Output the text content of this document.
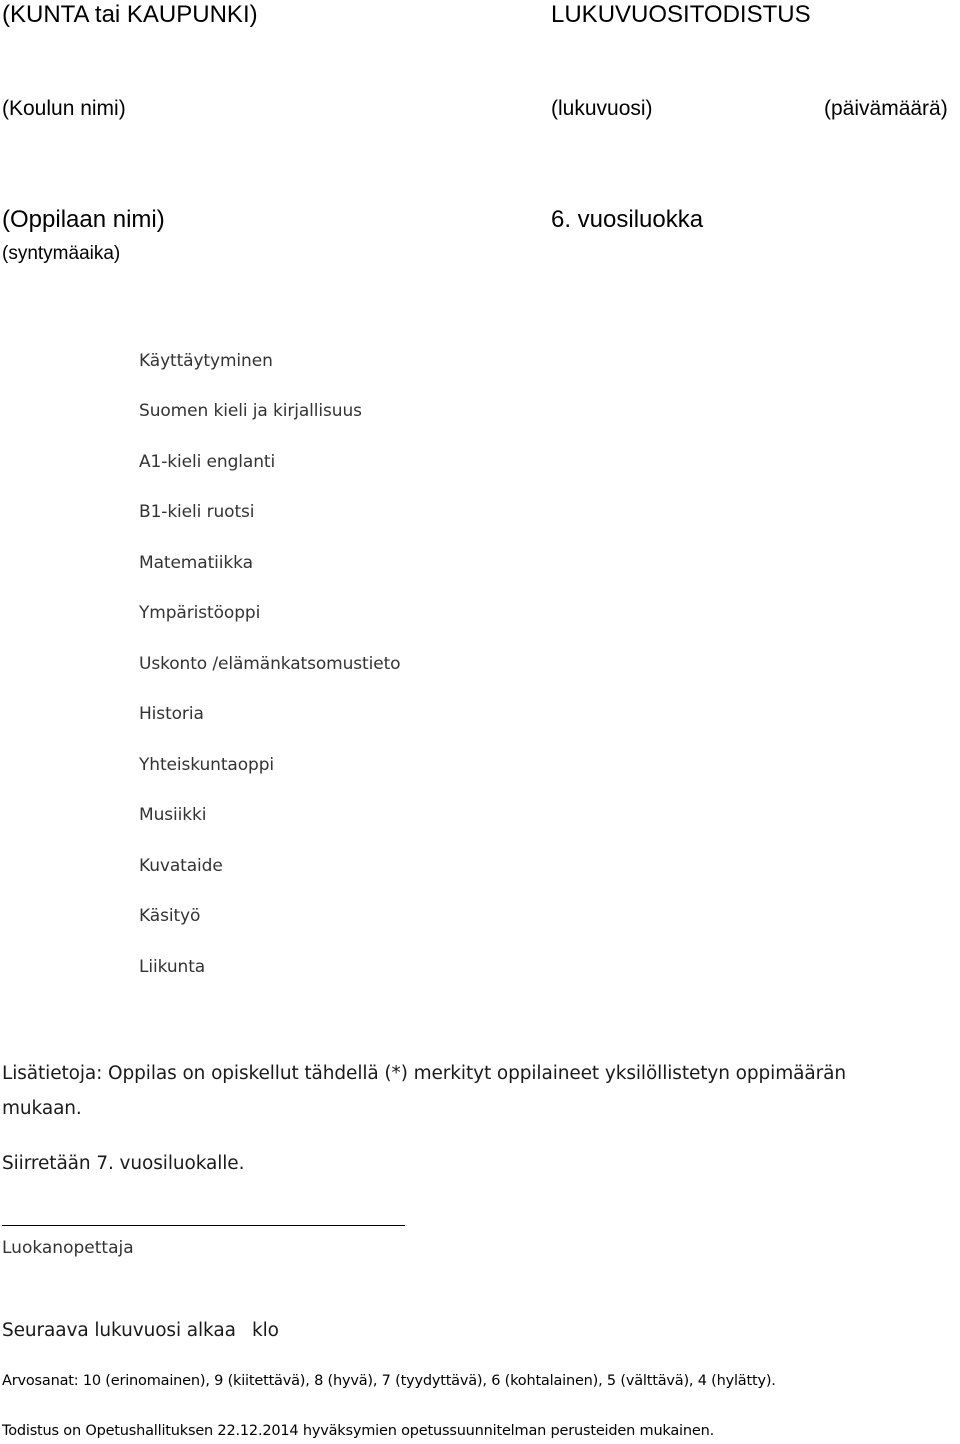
(KUNTA tai KAUPUNKI)	LUKUVUOSITODISTUS
(Koulun nimi)	(lukuvuosi)	(päivämäärä)
(Oppilaan nimi)	6. vuosiluokka
(syntymäaika)
Käyttäytyminen
Suomen kieli ja kirjallisuus
A1-kieli englanti
B1-kieli ruotsi
Matematiikka
Ympäristöoppi
Uskonto /elämänkatsomustieto
Historia
Yhteiskuntaoppi
Musiikki
Kuvataide
Käsityö
Liikunta
Lisätietoja: Oppilas on opiskellut tähdellä (*) merkityt oppilaineet yksilöllistetyn oppimäärän
mukaan.
Siirretään 7. vuosiluokalle.
Luokanopettaja
Seuraava lukuvuosi alkaa klo
Arvosanat: 10 (erinomainen), 9 (kiitettävä), 8 (hyvä), 7 (tyydyttävä), 6 (kohtalainen), 5 (välttävä), 4 (hylätty).
Todistus on Opetushallituksen 22.12.2014 hyväksymien opetussuunnitelman perusteiden mukainen.
